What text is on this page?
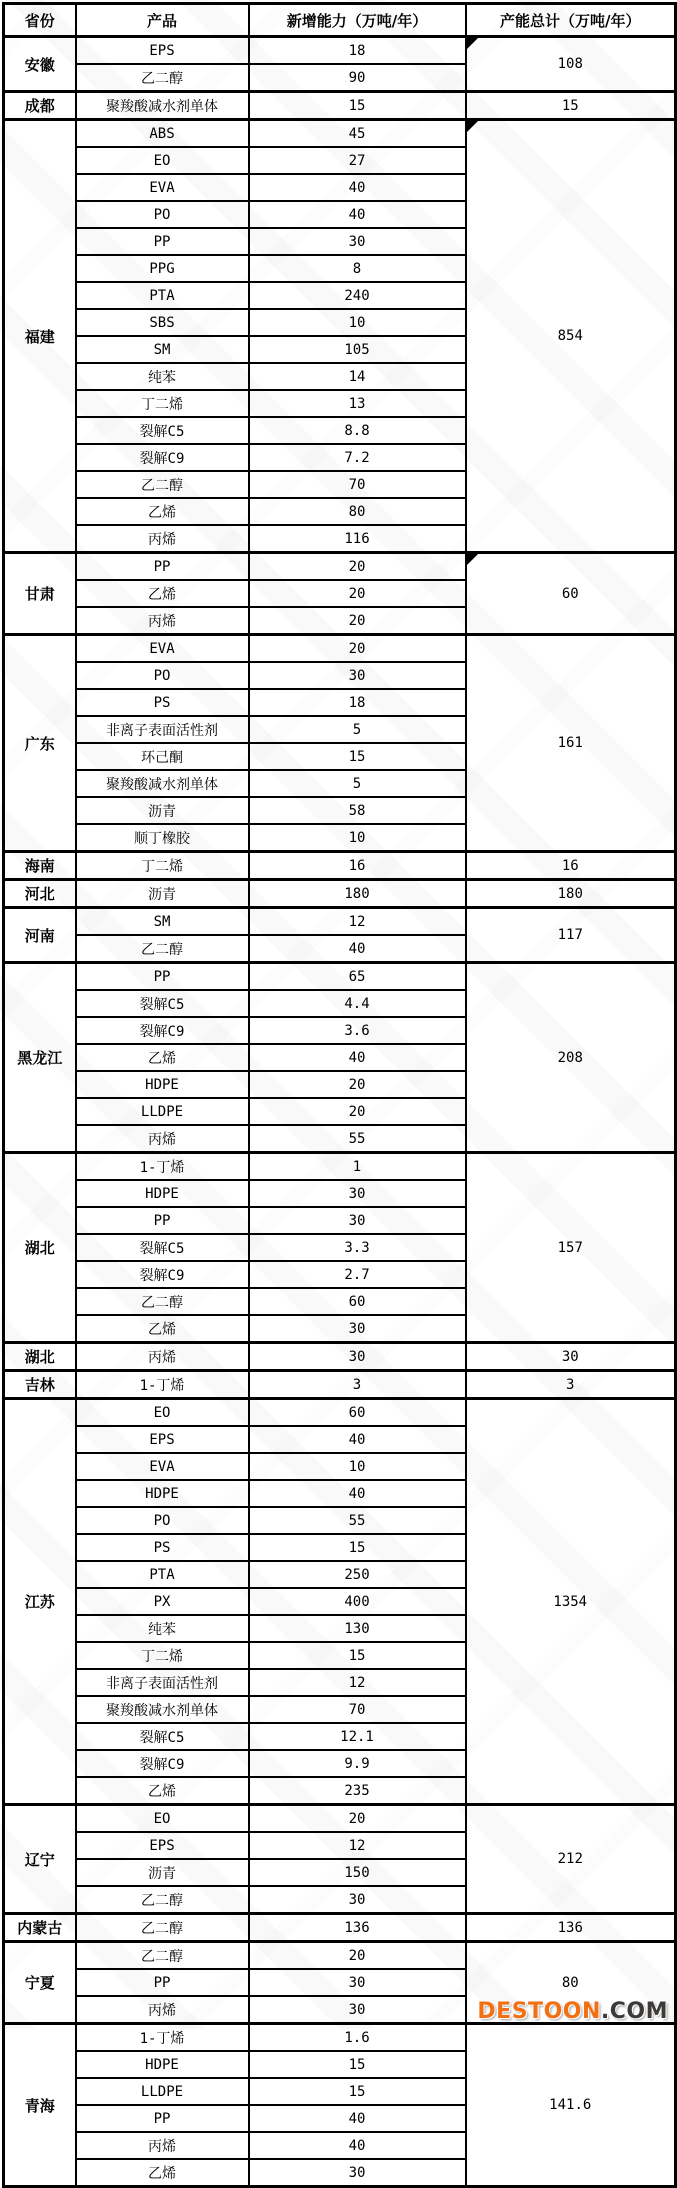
省份	产品	新增能力（万吨/年）	产能总计（万吨/年）
安徽	EPS	18	108

	乙二醇	90	
成都	聚羧酸减水剂单体	15	15
福建	ABS	45	854

	EO	27	
	EVA	40	
	PO	40	
	PP	30	
	PPG	8	
	PTA	240	
	SBS	10	
	SM	105	
	纯苯	14	
	丁二烯	13	
	裂解C5	8.8	
	裂解C9	7.2	
	乙二醇	70	
	乙烯	80	
	丙烯	116	
甘肃	PP	20	60

	乙烯	20	
	丙烯	20	
广东	EVA	20	161
	PO	30	
	PS	18	
	非离子表面活性剂	5	
	环己酮	15	
	聚羧酸减水剂单体	5	
	沥青	58	
	顺丁橡胶	10	
海南	丁二烯	16	16
河北	沥青	180	180
河南	SM	12	117
	乙二醇	40	
黑龙江	PP	65	208
	裂解C5	4.4	
	裂解C9	3.6	
	乙烯	40	
	HDPE	20	
	LLDPE	20	
	丙烯	55	
湖北	1-丁烯	1	157
	HDPE	30	
	PP	30	
	裂解C5	3.3	
	裂解C9	2.7	
	乙二醇	60	
	乙烯	30	
湖北	丙烯	30	30
吉林	1-丁烯	3	3
江苏	EO	60	1354
	EPS	40	
	EVA	10	
	HDPE	40	
	PO	55	
	PS	15	
	PTA	250	
	PX	400	
	纯苯	130	
	丁二烯	15	
	非离子表面活性剂	12	
	聚羧酸减水剂单体	70	
	裂解C5	12.1	
	裂解C9	9.9	
	乙烯	235	
辽宁	EO	20	212
	EPS	12	
	沥青	150	
	乙二醇	30	
内蒙古	乙二醇	136	136
宁夏	乙二醇	20	80
	PP	30	
	丙烯	30	
青海	1-丁烯	1.6	141.6
	HDPE	15	
	LLDPE	15	
	PP	40	
	丙烯	40	
	乙烯	30	
DESTOON.COM
